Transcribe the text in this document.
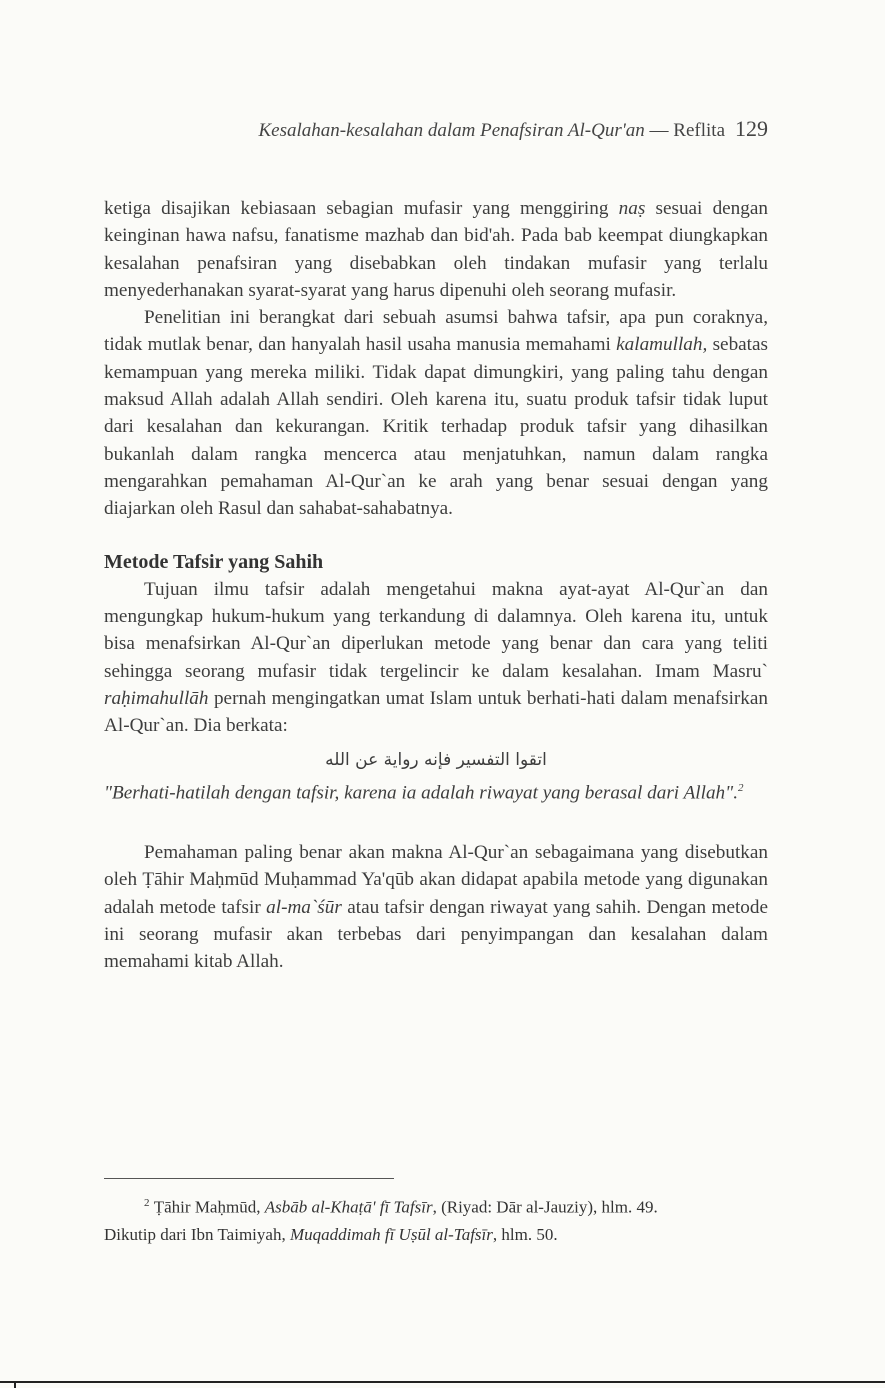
Kesalahan-kesalahan dalam Penafsiran Al-Qur'an — Reflita 129

ketiga disajikan kebiasaan sebagian mufasir yang menggiring naṣ sesuai dengan keinginan hawa nafsu, fanatisme mazhab dan bid'ah. Pada bab keempat diungkapkan kesalahan penafsiran yang disebabkan oleh tindakan mufasir yang terlalu menyederhanakan syarat-syarat yang harus dipenuhi oleh seorang mufasir.

Penelitian ini berangkat dari sebuah asumsi bahwa tafsir, apa pun coraknya, tidak mutlak benar, dan hanyalah hasil usaha manusia memahami kalamullah, sebatas kemampuan yang mereka miliki. Tidak dapat dimungkiri, yang paling tahu dengan maksud Allah adalah Allah sendiri. Oleh karena itu, suatu produk tafsir tidak luput dari kesalahan dan kekurangan. Kritik terhadap produk tafsir yang dihasilkan bukanlah dalam rangka mencerca atau menjatuhkan, namun dalam rangka mengarahkan pemahaman Al-Qur`an ke arah yang benar sesuai dengan yang diajarkan oleh Rasul dan sahabat-sahabatnya.

Metode Tafsir yang Sahih

Tujuan ilmu tafsir adalah mengetahui makna ayat-ayat Al-Qur`an dan mengungkap hukum-hukum yang terkandung di dalamnya. Oleh karena itu, untuk bisa menafsirkan Al-Qur`an diperlukan metode yang benar dan cara yang teliti sehingga seorang mufasir tidak tergelincir ke dalam kesalahan. Imam Masru` raḥimahullāh pernah mengingatkan umat Islam untuk berhati-hati dalam menafsirkan Al-Qur`an. Dia berkata:

اتقوا التفسير فإنه رواية عن الله

"Berhati-hatilah dengan tafsir, karena ia adalah riwayat yang berasal dari Allah".$^2$

Pemahaman paling benar akan makna Al-Qur`an sebagaimana yang disebutkan oleh Ṭāhir Maḥmūd Muḥammad Ya'qūb akan didapat apabila metode yang digunakan adalah metode tafsir al-ma`śūr atau tafsir dengan riwayat yang sahih. Dengan metode ini seorang mufasir akan terbebas dari penyimpangan dan kesalahan dalam memahami kitab Allah.

$^2$ Ṭāhir Maḥmūd, Asbāb al-Khaṭā' fī Tafsīr, (Riyad: Dār al-Jauziy), hlm. 49.

Dikutip dari Ibn Taimiyah, Muqaddimah fī Uṣūl al-Tafsīr, hlm. 50.
